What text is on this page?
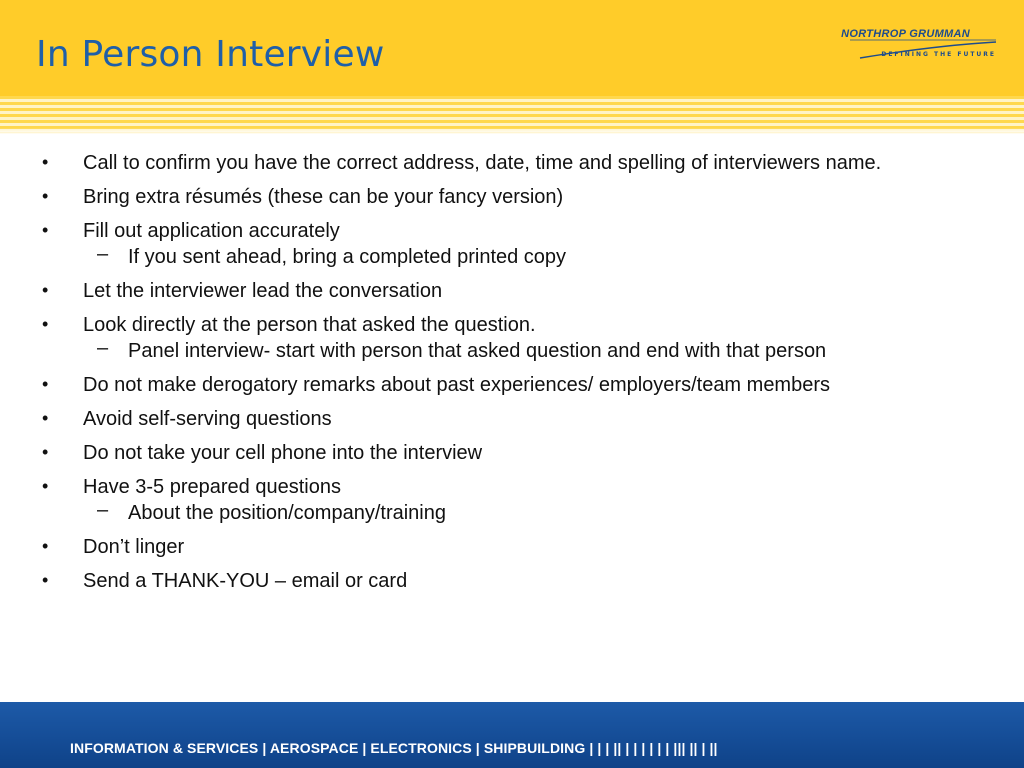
In Person Interview	NORTHROP GRUMMAN
DEFINING THE FUTURE
• Call to confirm you have the correct address, date, time and spelling of interviewers name.
• Bring extra résumés (these can be your fancy version)
• Fill out application accurately
– If you sent ahead, bring a completed printed copy
• Let the interviewer lead the conversation
• Look directly at the person that asked the question.
– Panel interview- start with person that asked question and end with that person
• Do not make derogatory remarks about past experiences/ employers/team members
• Avoid self-serving questions
• Do not take your cell phone into the interview
• Have 3-5 prepared questions
– About the position/company/training
• Don’t linger
• Send a THANK-YOU – email or card
INFORMATION & SERVICES | AEROSPACE | ELECTRONICS | SHIPBUILDING | | | || | | | | | | ||| || | ||
